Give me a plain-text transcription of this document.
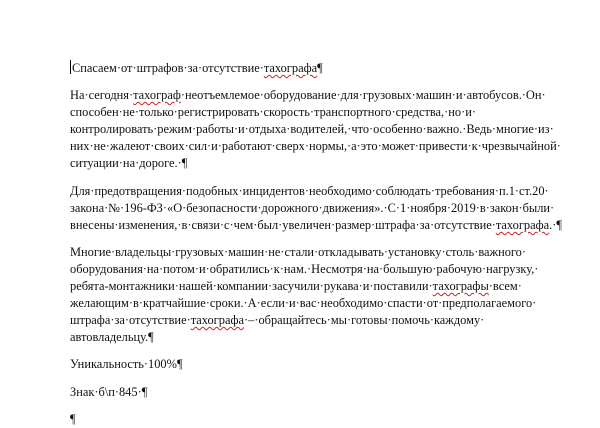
Спасаем·от·штрафов·за·отсутствие·тахографа¶

На·сегодня·тахограф·неотъемлемое·оборудование·для·грузовых·машин·и·автобусов.·Он·
способен·не·только·регистрировать·скорость·транспортного·средства,·но·и·
контролировать·режим·работы·и·отдыха·водителей,·что·особенно·важно.·Ведь·многие·из·
них·не·жалеют·своих·сил·и·работают·сверх·нормы,·а·это·может·привести·к·чрезвычайной·
ситуации·на·дороге.·¶

Для·предотвращения·подобных·инцидентов·необходимо·соблюдать·требования·п.1·ст.20·
закона·№·196-ФЗ·«О·безопасности·дорожного·движения».·С·1·ноября·2019·в·закон·были·
внесены·изменения,·в·связи·с·чем·был·увеличен·размер·штрафа·за·отсутствие·тахографа.·¶

Многие·владельцы·грузовых·машин·не·стали·откладывать·установку·столь·важного·
оборудования·на·потом·и·обратились·к·нам.·Несмотря·на·большую·рабочую·нагрузку,·
ребята-монтажники·нашей·компании·засучили·рукава·и·поставили·тахографы·всем·
желающим·в·кратчайшие·сроки.·А·если·и·вас·необходимо·спасти·от·предполагаемого·
штрафа·за·отсутствие·тахографа·–·обращайтесь·мы·готовы·помочь·каждому·
автовладельцу.¶

Уникальность·100%¶

Знак·б\п·845·¶

¶
